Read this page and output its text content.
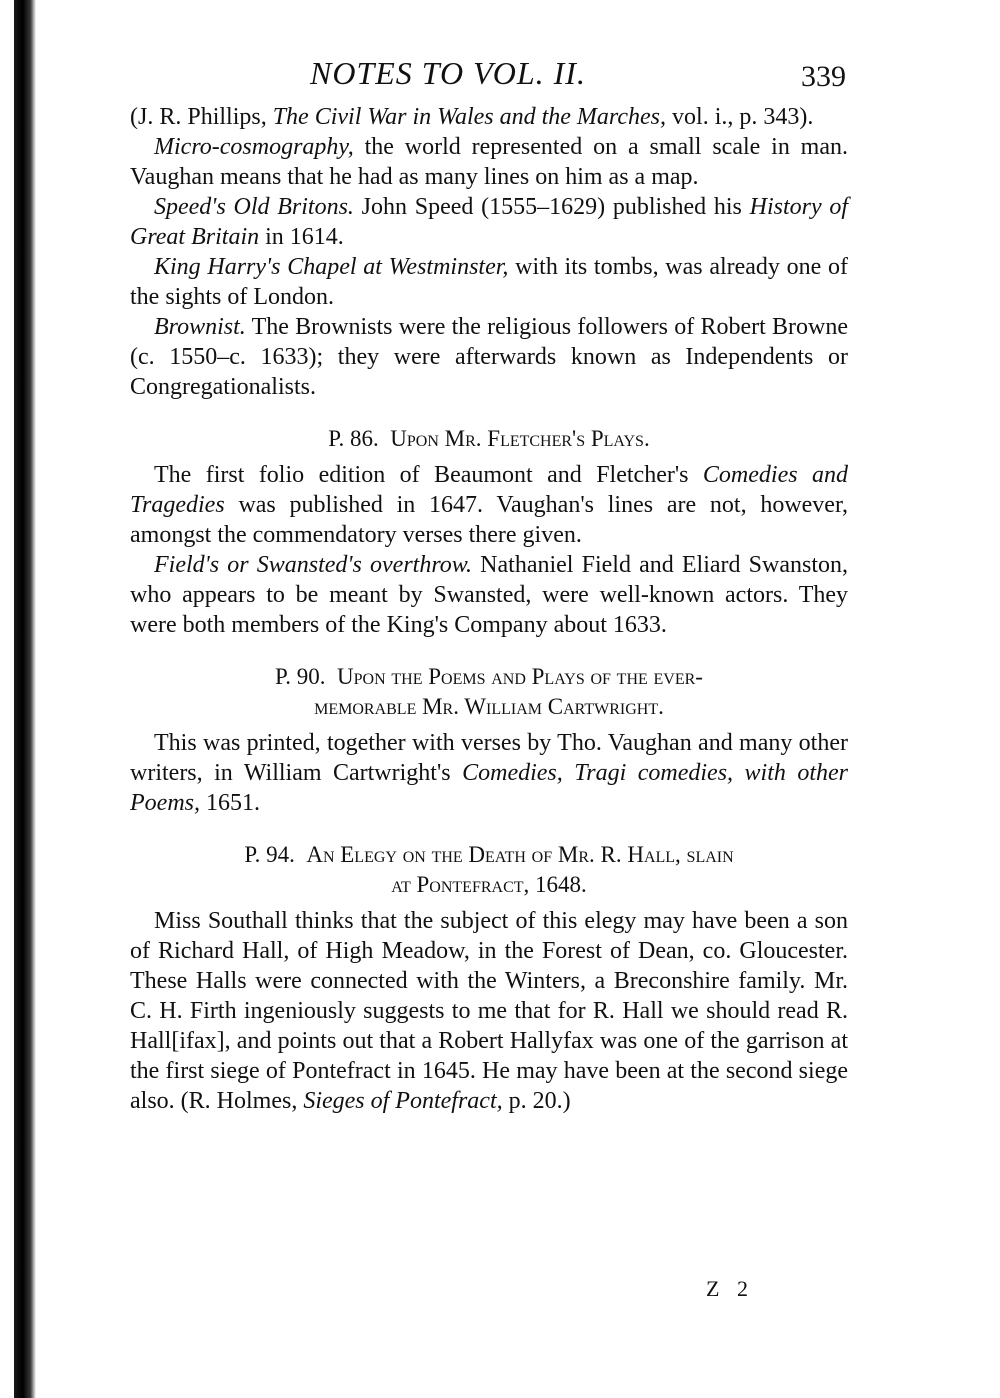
NOTES TO VOL. II.	339

(J. R. Phillips, The Civil War in Wales and the Marches, vol. i., p. 343).

Micro-cosmography, the world represented on a small scale in man. Vaughan means that he had as many lines on him as a map.

Speed's Old Britons. John Speed (1555–1629) published his History of Great Britain in 1614.

King Harry's Chapel at Westminster, with its tombs, was already one of the sights of London.

Brownist. The Brownists were the religious followers of Robert Browne (c. 1550–c. 1633); they were afterwards known as Independents or Congregationalists.

P. 86. Upon Mr. Fletcher's Plays.

The first folio edition of Beaumont and Fletcher's Comedies and Tragedies was published in 1647. Vaughan's lines are not, however, amongst the commendatory verses there given.

Field's or Swansted's overthrow. Nathaniel Field and Eliard Swanston, who appears to be meant by Swansted, were well-known actors. They were both members of the King's Company about 1633.

P. 90. Upon the Poems and Plays of the ever-
memorable Mr. William Cartwright.

This was printed, together with verses by Tho. Vaughan and many other writers, in William Cartwright's Comedies, Tragi comedies, with other Poems, 1651.

P. 94. An Elegy on the Death of Mr. R. Hall, slain
at Pontefract, 1648.

Miss Southall thinks that the subject of this elegy may have been a son of Richard Hall, of High Meadow, in the Forest of Dean, co. Gloucester. These Halls were connected with the Winters, a Breconshire family. Mr. C. H. Firth ingeniously suggests to me that for R. Hall we should read R. Hall[ifax], and points out that a Robert Hallyfax was one of the garrison at the first siege of Pontefract in 1645. He may have been at the second siege also. (R. Holmes, Sieges of Pontefract, p. 20.)

Z 2
